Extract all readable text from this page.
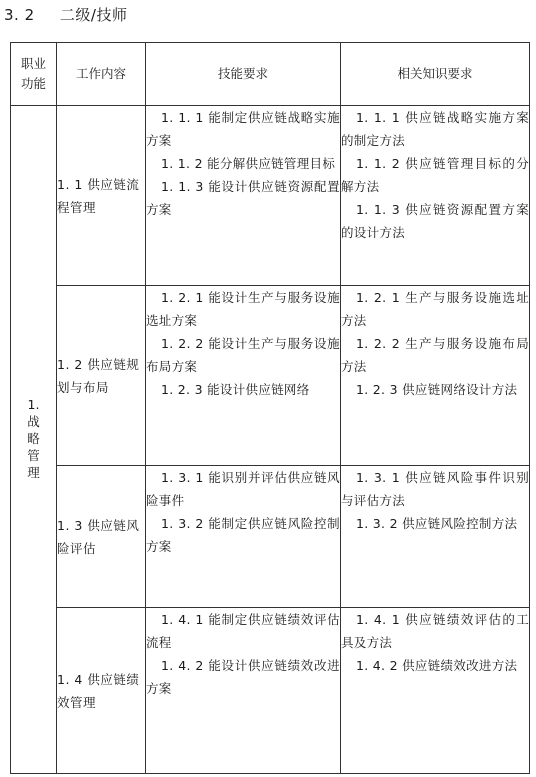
3. 2 二级/技师
职业功能	工作内容	技能要求	相关知识要求
1. 战略管理	1. 1 供应链流程管理	1. 1. 1 能制定供应链战略实施方案
1. 1. 2 能分解供应链管理目标
1. 1. 3 能设计供应链资源配置方案	1. 1. 1 供应链战略实施方案的制定方法
1. 1. 2 供应链管理目标的分解方法
1. 1. 3 供应链资源配置方案的设计方法

	1. 2 供应链规划与布局	1. 2. 1 能设计生产与服务设施选址方案
1. 2. 2 能设计生产与服务设施布局方案
1. 2. 3 能设计供应链网络	1. 2. 1 生产与服务设施选址方法
1. 2. 2 生产与服务设施布局方法
1. 2. 3 供应链网络设计方法

	1. 3 供应链风险评估	1. 3. 1 能识别并评估供应链风险事件
1. 3. 2 能制定供应链风险控制方案	1. 3. 1 供应链风险事件识别与评估方法
1. 3. 2 供应链风险控制方法

	1. 4 供应链绩效管理	1. 4. 1 能制定供应链绩效评估流程
1. 4. 2 能设计供应链绩效改进方案	1. 4. 1 供应链绩效评估的工具及方法
1. 4. 2 供应链绩效改进方法
